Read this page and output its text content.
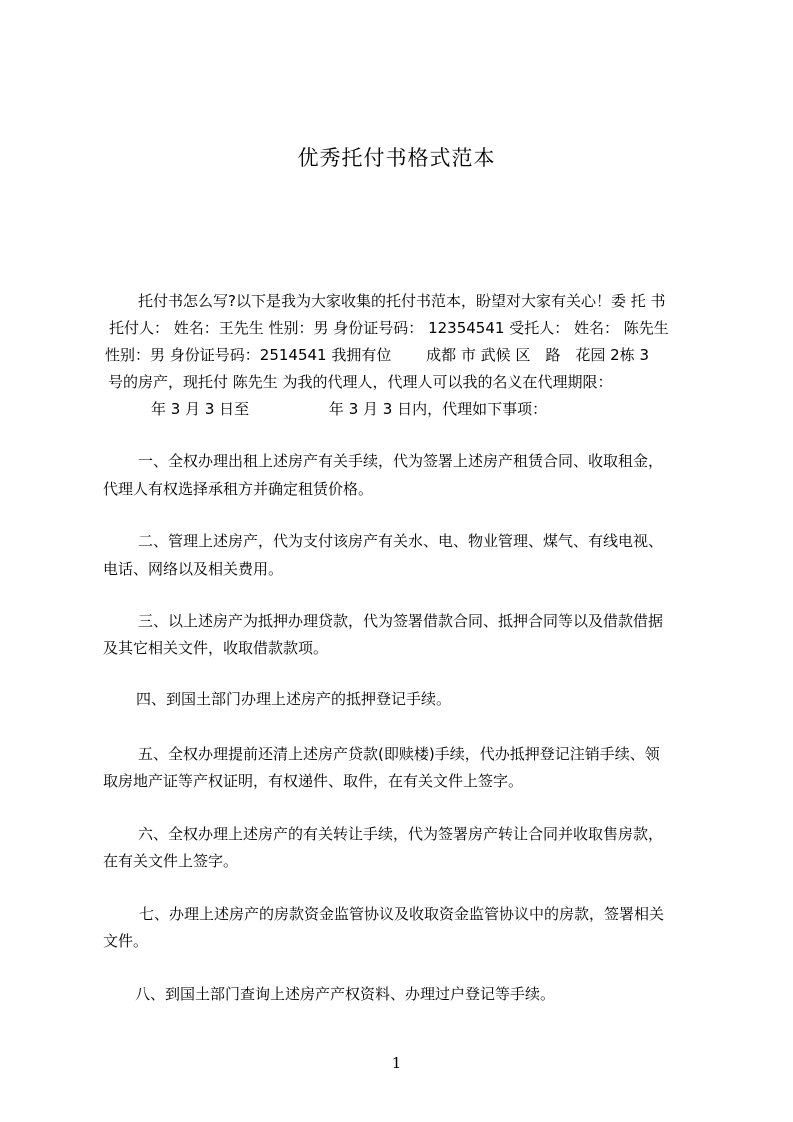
优秀托付书格式范本
托付书怎么写?以下是我为大家收集的托付书范本，盼望对大家有关心！委 托 书
托付人： 姓名：王先生 性别：男 身份证号码： 12354541 受托人： 姓名： 陈先生
性别：男 身份证号码：2514541 我拥有位　　 成都 市 武候 区　路　花园 2栋 3
号的房产，现托付 陈先生 为我的代理人，代理人可以我的名义在代理期限：
年 3 月 3 日至　　　　　 年 3 月 3 日内，代理如下事项：
一、全权办理出租上述房产有关手续，代为签署上述房产租赁合同、收取租金，
代理人有权选择承租方并确定租赁价格。
二、管理上述房产，代为支付该房产有关水、电、物业管理、煤气、有线电视、
电话、网络以及相关费用。
三、以上述房产为抵押办理贷款，代为签署借款合同、抵押合同等以及借款借据
及其它相关文件，收取借款款项。
四、到国土部门办理上述房产的抵押登记手续。
五、全权办理提前还清上述房产贷款(即赎楼)手续，代办抵押登记注销手续、领
取房地产证等产权证明，有权递件、取件，在有关文件上签字。
六、全权办理上述房产的有关转让手续，代为签署房产转让合同并收取售房款，
在有关文件上签字。
七、办理上述房产的房款资金监管协议及收取资金监管协议中的房款，签署相关
文件。
八、到国土部门查询上述房产产权资料、办理过户登记等手续。
1
